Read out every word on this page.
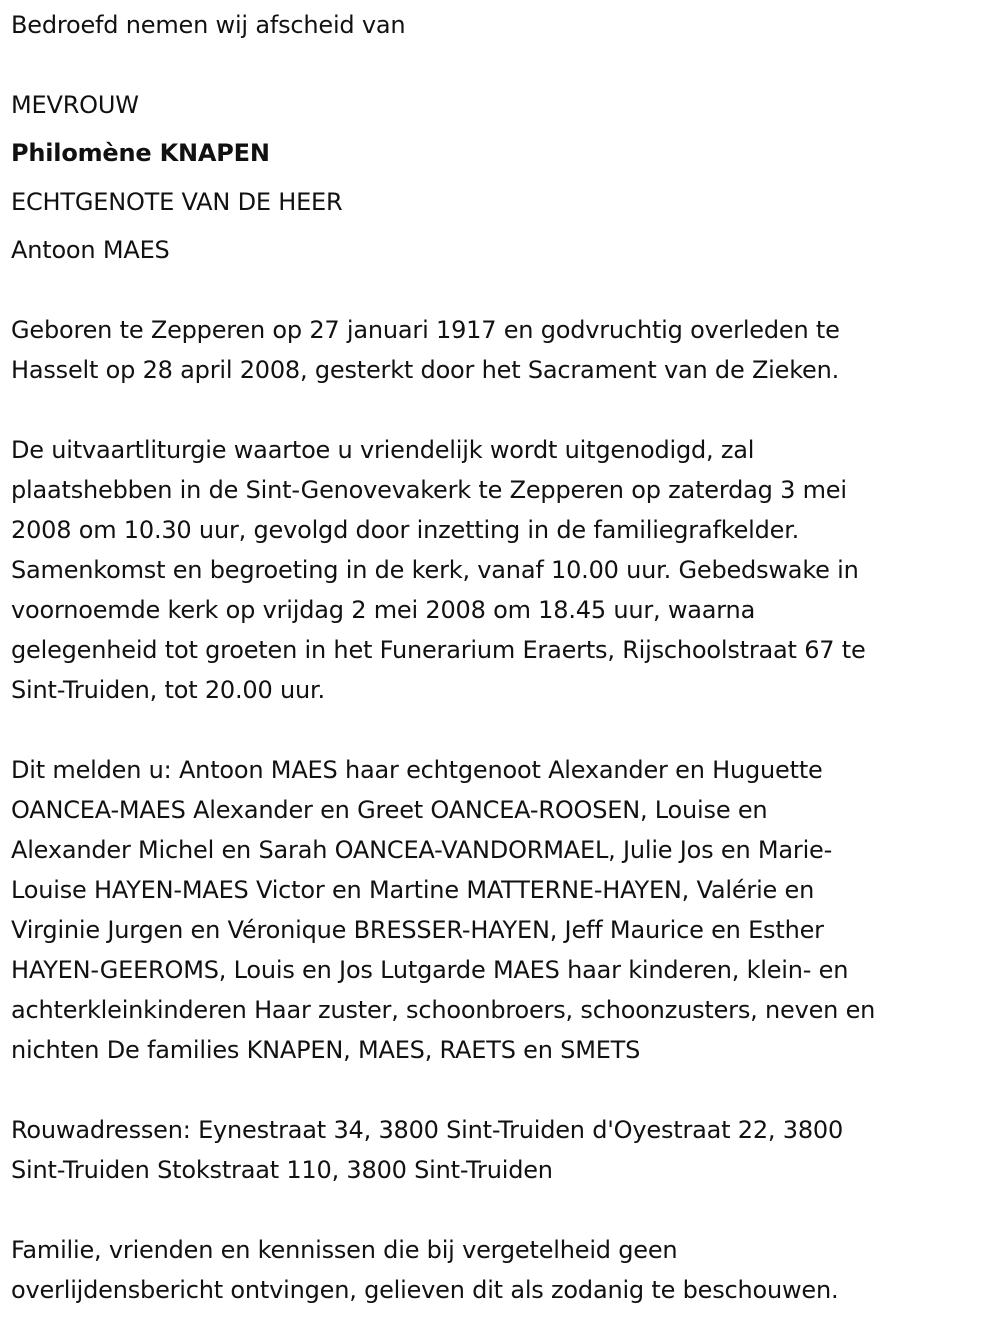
Bedroefd nemen wij afscheid van
MEVROUW
Philomène KNAPEN
ECHTGENOTE VAN DE HEER
Antoon MAES
Geboren te Zepperen op 27 januari 1917 en godvruchtig overleden te
Hasselt op 28 april 2008, gesterkt door het Sacrament van de Zieken.
De uitvaartliturgie waartoe u vriendelijk wordt uitgenodigd, zal
plaatshebben in de Sint-Genovevakerk te Zepperen op zaterdag 3 mei
2008 om 10.30 uur, gevolgd door inzetting in de familiegrafkelder.
Samenkomst en begroeting in de kerk, vanaf 10.00 uur. Gebedswake in
voornoemde kerk op vrijdag 2 mei 2008 om 18.45 uur, waarna
gelegenheid tot groeten in het Funerarium Eraerts, Rijschoolstraat 67 te
Sint-Truiden, tot 20.00 uur.
Dit melden u: Antoon MAES haar echtgenoot Alexander en Huguette
OANCEA-MAES Alexander en Greet OANCEA-ROOSEN, Louise en
Alexander Michel en Sarah OANCEA-VANDORMAEL, Julie Jos en Marie-
Louise HAYEN-MAES Victor en Martine MATTERNE-HAYEN, Valérie en
Virginie Jurgen en Véronique BRESSER-HAYEN, Jeff Maurice en Esther
HAYEN-GEEROMS, Louis en Jos Lutgarde MAES haar kinderen, klein- en
achterkleinkinderen Haar zuster, schoonbroers, schoonzusters, neven en
nichten De families KNAPEN, MAES, RAETS en SMETS
Rouwadressen: Eynestraat 34, 3800 Sint-Truiden d'Oyestraat 22, 3800
Sint-Truiden Stokstraat 110, 3800 Sint-Truiden
Familie, vrienden en kennissen die bij vergetelheid geen
overlijdensbericht ontvingen, gelieven dit als zodanig te beschouwen.
